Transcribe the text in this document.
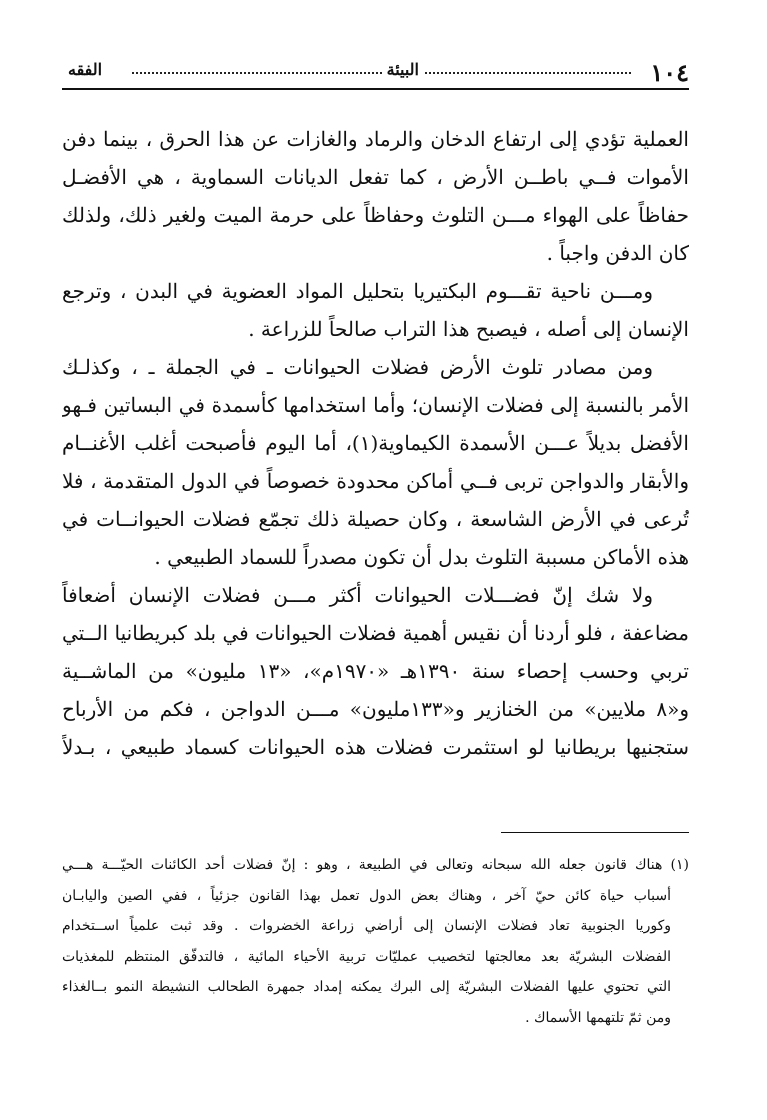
١٠٤
البيئة
الفقه
العملية تؤدي إلى ارتفاع الدخان والرماد والغازات عن هذا الحرق ، بينما دفن
الأموات فــي باطــن الأرض ، كما تفعل الديانات السماوية ، هي الأفضـل
حفاظاً على الهواء مـــن التلوث وحفاظاً على حرمة الميت ولغير ذلك، ولذلك
كان الدفن واجباً .
ومـــن ناحية تقـــوم البكتيريا بتحليل المواد العضوية في البدن ، وترجع
الإنسان إلى أصله ، فيصبح هذا التراب صالحاً للزراعة .
ومن مصادر تلوث الأرض فضلات الحيوانات ـ في الجملة ـ ، وكذلـك
الأمر بالنسبة إلى فضلات الإنسان؛ وأما استخدامها كأسمدة في البساتين فـهو
الأفضل بديلاً عـــن الأسمدة الكيماوية(١)، أما اليوم فأصبحت أغلب الأغنــام
والأبقار والدواجن تربى فــي أماكن محدودة خصوصاً في الدول المتقدمة ، فلا
تُرعى في الأرض الشاسعة ، وكان حصيلة ذلك تجمّع فضلات الحيوانــات في
هذه الأماكن مسببة التلوث بدل أن تكون مصدراً للسماد الطبيعي .
ولا شك إنّ فضـــلات الحيوانات أكثر مـــن فضلات الإنسان أضعافاً
مضاعفة ، فلو أردنا أن نقيس أهمية فضلات الحيوانات في بلد كبريطانيا الــتي
تربي وحسب إحصاء سنة ١٣٩٠هـ «١٩٧٠م»، «١٣ مليون» من الماشــية
و«٨ ملايين» من الخنازير و«١٣٣مليون» مـــن الدواجن ، فكم من الأرباح
ستجنيها بريطانيا لو استثمرت فضلات هذه الحيوانات كسماد طبيعي ، بـدلاً
(١) هناك قانون جعله الله سبحانه وتعالى في الطبيعة ، وهو : إنّ فضلات أحد الكائنات الحيّـــة هـــي
أسباب حياة كائن حيّ آخر ، وهناك بعض الدول تعمل بهذا القانون جزئياً ، ففي الصين واليابـان
وكوريا الجنوبية تعاد فضلات الإنسان إلى أراضي زراعة الخضروات . وقد ثبت علمياً اســتخدام
الفضلات البشريّة بعد معالجتها لتخصيب عمليّات تربية الأحياء المائية ، فالتدفّق المنتظم للمغذيات
التي تحتوي عليها الفضلات البشريّة إلى البرك يمكنه إمداد جمهرة الطحالب النشيطة النمو بــالغذاء
ومن ثمّ تلتهمها الأسماك .
